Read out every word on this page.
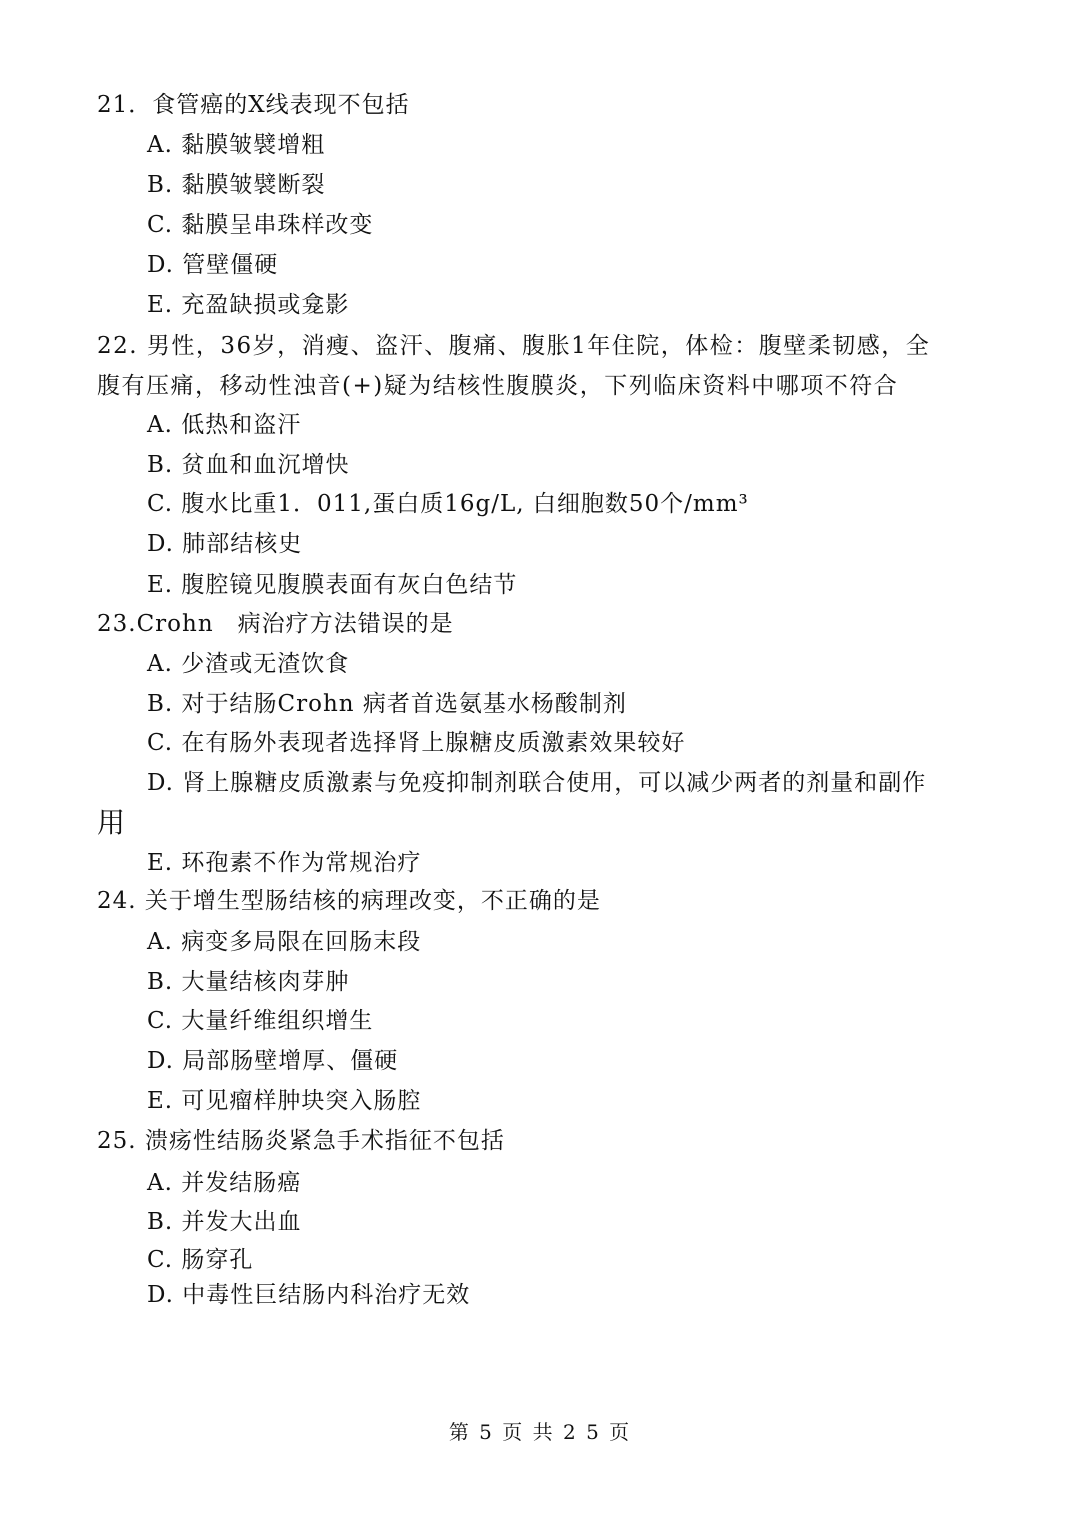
21．食管癌的X线表现不包括
A. 黏膜皱襞增粗
B. 黏膜皱襞断裂
C. 黏膜呈串珠样改变
D. 管壁僵硬
E. 充盈缺损或龛影
22. 男性，36岁，消瘦、盗汗、腹痛、腹胀1年住院，体检：腹壁柔韧感，全
腹有压痛，移动性浊音(+)疑为结核性腹膜炎，下列临床资料中哪项不符合
A. 低热和盗汗
B. 贫血和血沉增快
C. 腹水比重1．011,蛋白质16g/L, 白细胞数50个/mm³
D. 肺部结核史
E. 腹腔镜见腹膜表面有灰白色结节
23.Crohn　病治疗方法错误的是
A. 少渣或无渣饮食
B. 对于结肠Crohn 病者首选氨基水杨酸制剂
C. 在有肠外表现者选择肾上腺糖皮质激素效果较好
D. 肾上腺糖皮质激素与免疫抑制剂联合使用，可以减少两者的剂量和副作
用
E. 环孢素不作为常规治疗
24. 关于增生型肠结核的病理改变，不正确的是
A. 病变多局限在回肠末段
B. 大量结核肉芽肿
C. 大量纤维组织增生
D. 局部肠壁增厚、僵硬
E. 可见瘤样肿块突入肠腔
25. 溃疡性结肠炎紧急手术指征不包括
A. 并发结肠癌
B. 并发大出血
C. 肠穿孔
D. 中毒性巨结肠内科治疗无效
第 5 页 共 2 5 页
